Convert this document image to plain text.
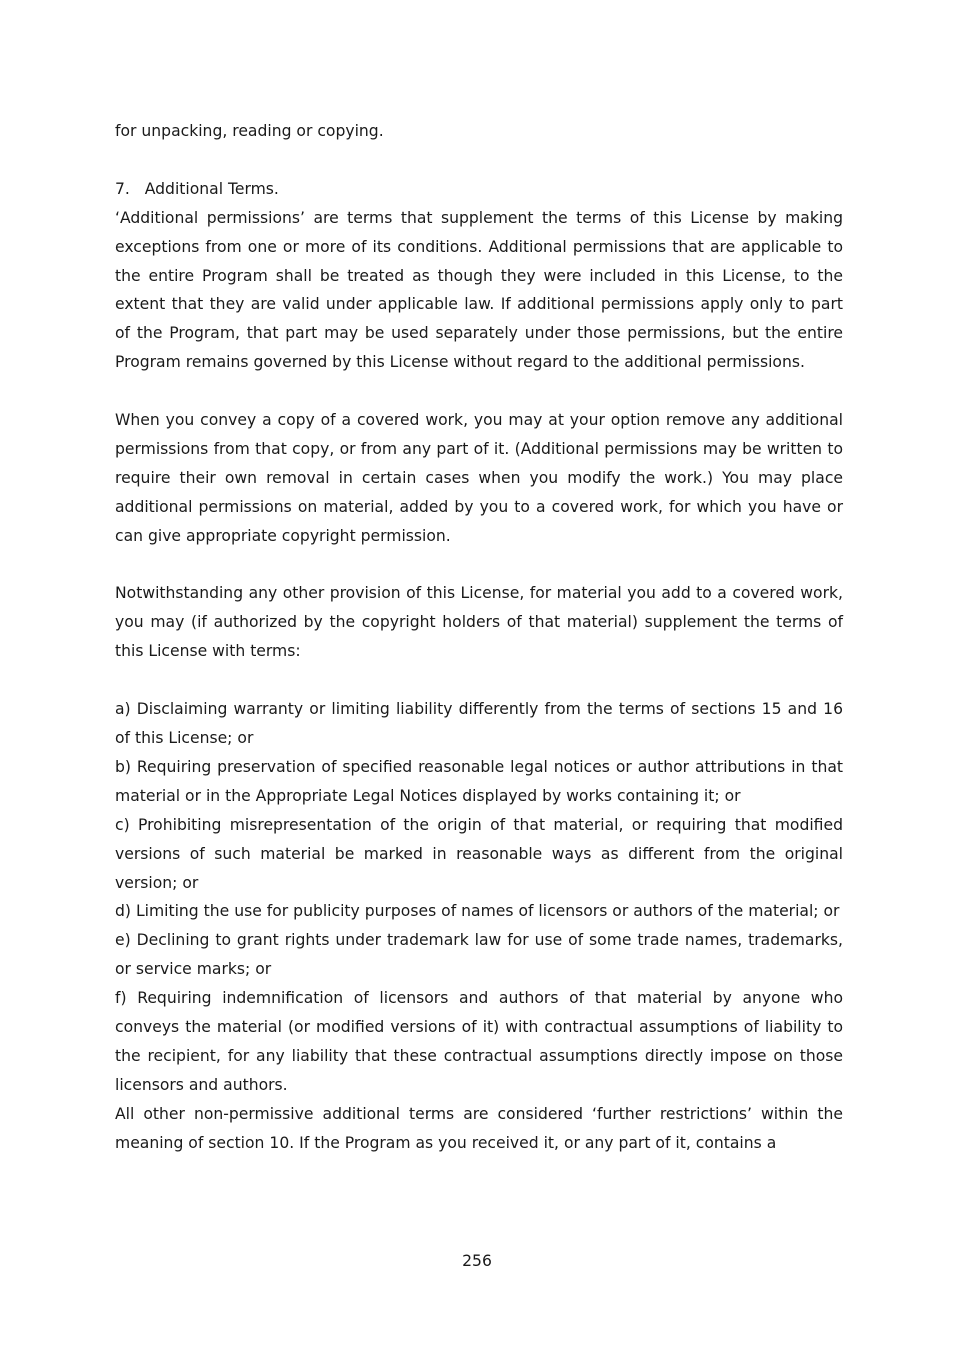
for unpacking, reading or copying.

7.   Additional Terms.

‘Additional permissions’ are terms that supplement the terms of this License by making exceptions from one or more of its conditions. Additional permissions that are applicable to the entire Program shall be treated as though they were included in this License, to the extent that they are valid under applicable law. If additional permissions apply only to part of the Program, that part may be used separately under those permissions, but the entire Program remains governed by this License without regard to the additional permissions.

When you convey a copy of a covered work, you may at your option remove any additional permissions from that copy, or from any part of it. (Additional permissions may be written to require their own removal in certain cases when you modify the work.) You may place additional permissions on material, added by you to a covered work, for which you have or can give appropriate copyright permission.

Notwithstanding any other provision of this License, for material you add to a covered work, you may (if authorized by the copyright holders of that material) supplement the terms of this License with terms:

a) Disclaiming warranty or limiting liability differently from the terms of sections 15 and 16 of this License; or

b) Requiring preservation of specified reasonable legal notices or author attributions in that material or in the Appropriate Legal Notices displayed by works containing it; or

c) Prohibiting misrepresentation of the origin of that material, or requiring that modified versions of such material be marked in reasonable ways as different from the original version; or

d) Limiting the use for publicity purposes of names of licensors or authors of the material; or

e) Declining to grant rights under trademark law for use of some trade names, trademarks, or service marks; or

f) Requiring indemnification of licensors and authors of that material by anyone who conveys the material (or modified versions of it) with contractual assumptions of liability to the recipient, for any liability that these contractual assumptions directly impose on those licensors and authors.

All other non-permissive additional terms are considered ‘further restrictions’ within the meaning of section 10. If the Program as you received it, or any part of it, contains a

256
